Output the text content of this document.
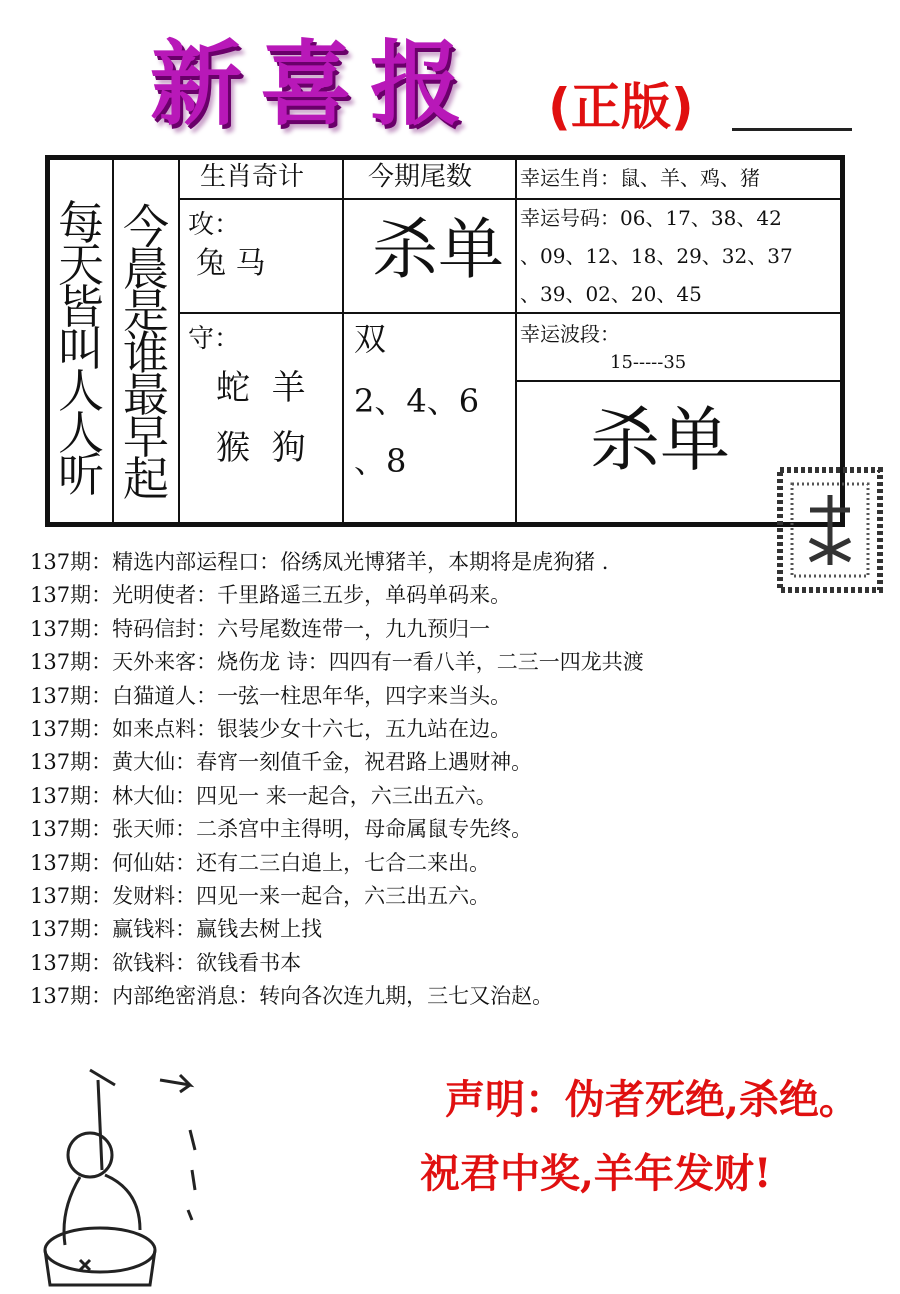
新喜报 (正版)
每
天
皆
叫
人
人
听
今
晨
是
谁
最
早
起
生肖奇计 今期尾数 幸运生肖：鼠、羊、鸡、猪
攻：
兔 马
守：
蛇  羊
猴  狗
杀单
双
2、4、6
、8
幸运号码：06、17、38、42
、09、12、18、29、32、37
、39、02、20、45
幸运波段：
15-----35
杀单
137期：精选内部运程口：俗绣凤光博猪羊，本期将是虎狗猪 .
137期：光明使者：千里路遥三五步，单码单码来。
137期：特码信封：六号尾数连带一，九九预归一
137期：天外来客：烧伤龙 诗：四四有一看八羊，二三一四龙共渡
137期：白猫道人：一弦一柱思年华，四字来当头。
137期：如来点料：银装少女十六七，五九站在边。
137期：黄大仙：春宵一刻值千金，祝君路上遇财神。
137期：林大仙：四见一 来一起合，六三出五六。
137期：张天师：二杀宫中主得明，母命属鼠专先终。
137期：何仙姑：还有二三白追上，七合二来出。
137期：发财料：四见一来一起合，六三出五六。
137期：赢钱料：赢钱去树上找
137期：欲钱料：欲钱看书本
137期：内部绝密消息：转向各次连九期，三七又治赵。
声明：伪者死绝,杀绝。
祝君中奖,羊年发财!
